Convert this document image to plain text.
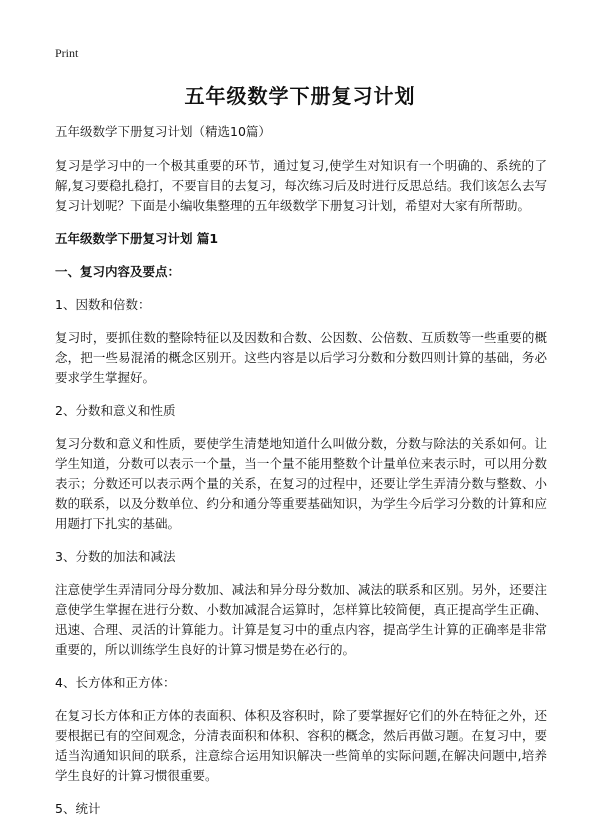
Print
五年级数学下册复习计划
五年级数学下册复习计划（精选10篇）

复习是学习中的一个极其重要的环节，通过复习,使学生对知识有一个明确的、系统的了解,复习要稳扎稳打，不要盲目的去复习，每次练习后及时进行反思总结。我们该怎么去写复习计划呢？下面是小编收集整理的五年级数学下册复习计划，希望对大家有所帮助。

五年级数学下册复习计划 篇1
一、复习内容及要点：
1、因数和倍数：

复习时，要抓住数的整除特征以及因数和合数、公因数、公倍数、互质数等一些重要的概念，把一些易混淆的概念区别开。这些内容是以后学习分数和分数四则计算的基础，务必要求学生掌握好。

2、分数和意义和性质

复习分数和意义和性质，要使学生清楚地知道什么叫做分数，分数与除法的关系如何。让学生知道，分数可以表示一个量，当一个量不能用整数个计量单位来表示时，可以用分数表示；分数还可以表示两个量的关系，在复习的过程中，还要让学生弄清分数与整数、小数的联系，以及分数单位、约分和通分等重要基础知识，为学生今后学习分数的计算和应用题打下扎实的基础。

3、分数的加法和减法

注意使学生弄清同分母分数加、减法和异分母分数加、减法的联系和区别。另外，还要注意使学生掌握在进行分数、小数加减混合运算时，怎样算比较简便，真正提高学生正确、迅速、合理、灵活的计算能力。计算是复习中的重点内容，提高学生计算的正确率是非常重要的，所以训练学生良好的计算习惯是势在必行的。

4、长方体和正方体：

在复习长方体和正方体的表面积、体积及容积时，除了要掌握好它们的外在特征之外，还要根据已有的空间观念，分清表面积和体积、容积的概念，然后再做习题。在复习中，要适当沟通知识间的联系，注意综合运用知识解决一些简单的实际问题,在解决问题中,培养学生良好的计算习惯很重要。

5、统计
